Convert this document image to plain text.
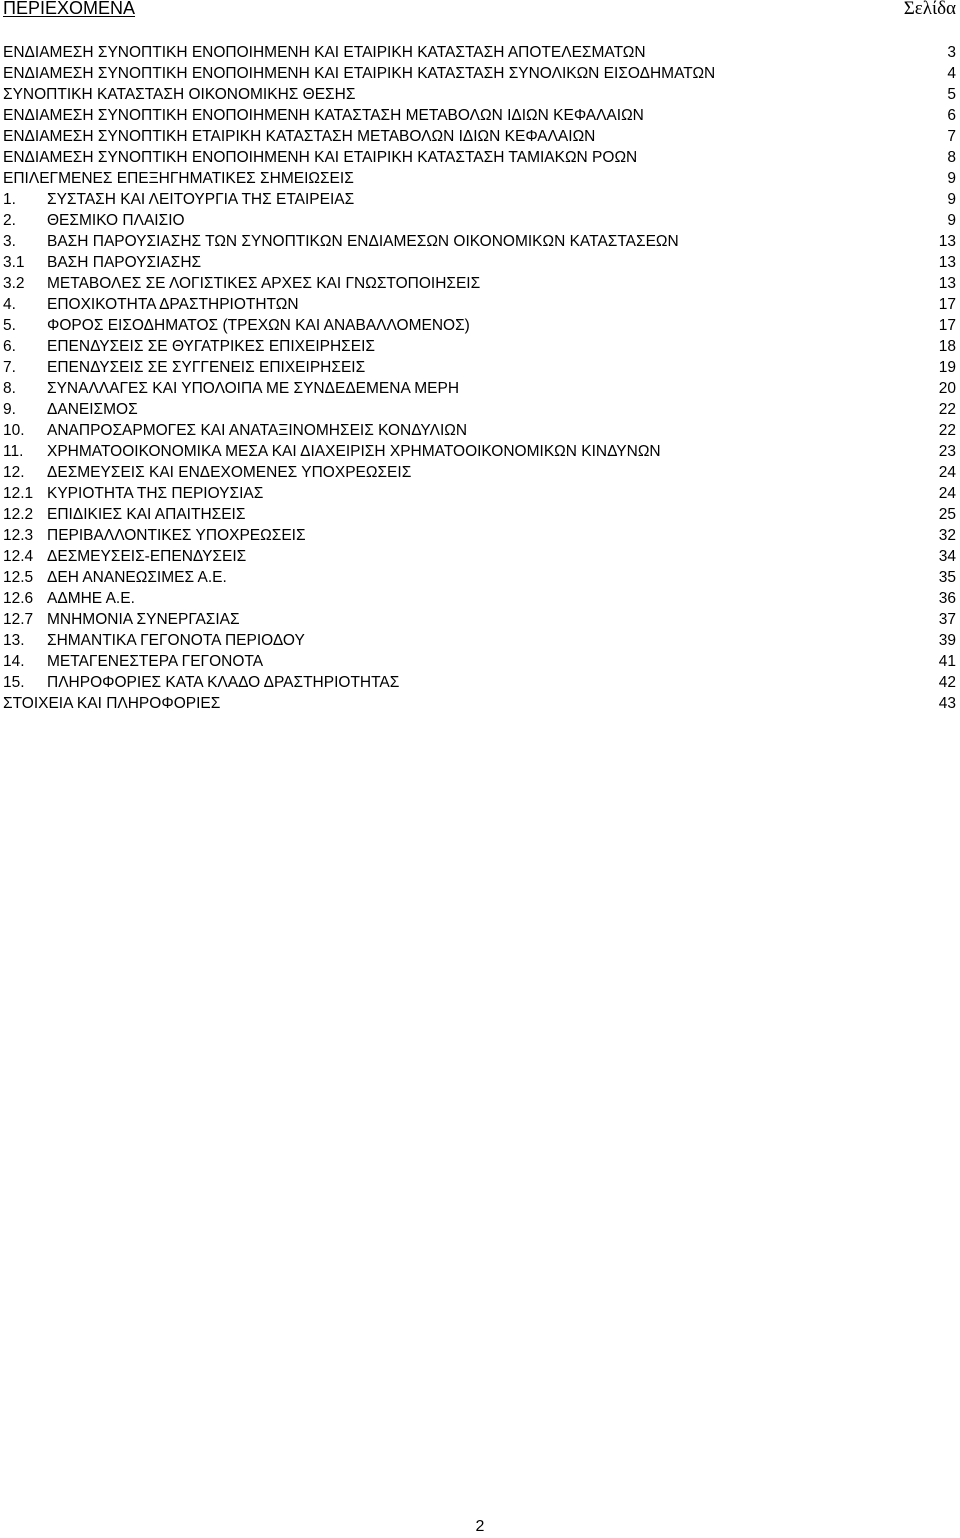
ΠΕΡΙΕΧΟΜΕΝΑ	Σελίδα
ΕΝΔΙΑΜΕΣΗ ΣΥΝΟΠΤΙΚΗ ΕΝΟΠΟΙΗΜΕΝΗ ΚΑΙ ΕΤΑΙΡΙΚΗ ΚΑΤΑΣΤΑΣΗ ΑΠΟΤΕΛΕΣΜΑΤΩΝ	3
ΕΝΔΙΑΜΕΣΗ ΣΥΝΟΠΤΙΚΗ ΕΝΟΠΟΙΗΜΕΝΗ ΚΑΙ ΕΤΑΙΡΙΚΗ ΚΑΤΑΣΤΑΣΗ ΣΥΝΟΛΙΚΩΝ ΕΙΣΟΔΗΜΑΤΩΝ	4
ΣΥΝΟΠΤΙΚΗ ΚΑΤΑΣΤΑΣΗ ΟΙΚΟΝΟΜΙΚΗΣ ΘΕΣΗΣ	5
ΕΝΔΙΑΜΕΣΗ ΣΥΝΟΠΤΙΚΗ ΕΝΟΠΟΙΗΜΕΝΗ ΚΑΤΑΣΤΑΣΗ ΜΕΤΑΒΟΛΩΝ ΙΔΙΩΝ ΚΕΦΑΛΑΙΩΝ	6
ΕΝΔΙΑΜΕΣΗ ΣΥΝΟΠΤΙΚΗ ΕΤΑΙΡΙΚΗ ΚΑΤΑΣΤΑΣΗ ΜΕΤΑΒΟΛΩΝ ΙΔΙΩΝ ΚΕΦΑΛΑΙΩΝ	7
ΕΝΔΙΑΜΕΣΗ ΣΥΝΟΠΤΙΚΗ ΕΝΟΠΟΙΗΜΕΝΗ ΚΑΙ ΕΤΑΙΡΙΚΗ ΚΑΤΑΣΤΑΣΗ ΤΑΜΙΑΚΩΝ ΡΟΩΝ	8
ΕΠΙΛΕΓΜΕΝΕΣ ΕΠΕΞΗΓΗΜΑΤΙΚΕΣ ΣΗΜΕΙΩΣΕΙΣ	9
1.	ΣΥΣΤΑΣΗ ΚΑΙ ΛΕΙΤΟΥΡΓΙΑ ΤΗΣ ΕΤΑΙΡΕΙΑΣ	9
2.	ΘΕΣΜΙΚΟ ΠΛΑΙΣΙΟ	9
3.	ΒΑΣΗ ΠΑΡΟΥΣΙΑΣΗΣ ΤΩΝ ΣΥΝΟΠΤΙΚΩΝ ΕΝΔΙΑΜΕΣΩΝ ΟΙΚΟΝΟΜΙΚΩΝ ΚΑΤΑΣΤΑΣΕΩΝ	13
3.1	ΒΑΣΗ ΠΑΡΟΥΣΙΑΣΗΣ	13
3.2	ΜΕΤΑΒΟΛΕΣ ΣΕ ΛΟΓΙΣΤΙΚΕΣ ΑΡΧΕΣ ΚΑΙ ΓΝΩΣΤΟΠΟΙΗΣΕΙΣ	13
4.	ΕΠΟΧΙΚΟΤΗΤΑ ΔΡΑΣΤΗΡΙΟΤΗΤΩΝ	17
5.	ΦΟΡΟΣ ΕΙΣΟΔΗΜΑΤΟΣ (ΤΡΕΧΩΝ ΚΑΙ ΑΝΑΒΑΛΛΟΜΕΝΟΣ)	17
6.	ΕΠΕΝΔΥΣΕΙΣ ΣΕ ΘΥΓΑΤΡΙΚΕΣ ΕΠΙΧΕΙΡΗΣΕΙΣ	18
7.	ΕΠΕΝΔΥΣΕΙΣ ΣΕ ΣΥΓΓΕΝΕΙΣ ΕΠΙΧΕΙΡΗΣΕΙΣ	19
8.	ΣΥΝΑΛΛΑΓΕΣ ΚΑΙ ΥΠΟΛΟΙΠΑ ΜΕ ΣΥΝΔΕΔΕΜΕΝΑ ΜΕΡΗ	20
9.	ΔΑΝΕΙΣΜΟΣ	22
10.	ΑΝΑΠΡΟΣΑΡΜΟΓΕΣ ΚΑΙ ΑΝΑΤΑΞΙΝΟΜΗΣΕΙΣ ΚΟΝΔΥΛΙΩΝ	22
11.	ΧΡΗΜΑΤΟΟΙΚΟΝΟΜΙΚΑ ΜΕΣΑ ΚΑΙ ΔΙΑΧΕΙΡΙΣΗ ΧΡΗΜΑΤΟΟΙΚΟΝΟΜΙΚΩΝ ΚΙΝΔΥΝΩΝ	23
12.	ΔΕΣΜΕΥΣΕΙΣ ΚΑΙ ΕΝΔΕΧΟΜΕΝΕΣ ΥΠΟΧΡΕΩΣΕΙΣ	24
12.1 ΚΥΡΙΟΤΗΤΑ ΤΗΣ ΠΕΡΙΟΥΣΙΑΣ	24
12.2 ΕΠΙΔΙΚΙΕΣ ΚΑΙ ΑΠΑΙΤΗΣΕΙΣ	25
12.3 ΠΕΡΙΒΑΛΛΟΝΤΙΚΕΣ ΥΠΟΧΡΕΩΣΕΙΣ	32
12.4 ΔΕΣΜΕΥΣΕΙΣ-ΕΠΕΝΔΥΣΕΙΣ	34
12.5 ΔΕΗ ΑΝΑΝΕΩΣΙΜΕΣ Α.Ε.	35
12.6 ΑΔΜΗΕ Α.Ε.	36
12.7 ΜΝΗΜΟΝΙΑ ΣΥΝΕΡΓΑΣΙΑΣ	37
13.	ΣΗΜΑΝΤΙΚΑ ΓΕΓΟΝΟΤΑ ΠΕΡΙΟΔΟΥ	39
14.	ΜΕΤΑΓΕΝΕΣΤΕΡΑ ΓΕΓΟΝΟΤΑ	41
15.	ΠΛΗΡΟΦΟΡΙΕΣ ΚΑΤΑ ΚΛΑΔΟ ΔΡΑΣΤΗΡΙΟΤΗΤΑΣ	42
ΣΤΟΙΧΕΙΑ ΚΑΙ ΠΛΗΡΟΦΟΡΙΕΣ	43
2
